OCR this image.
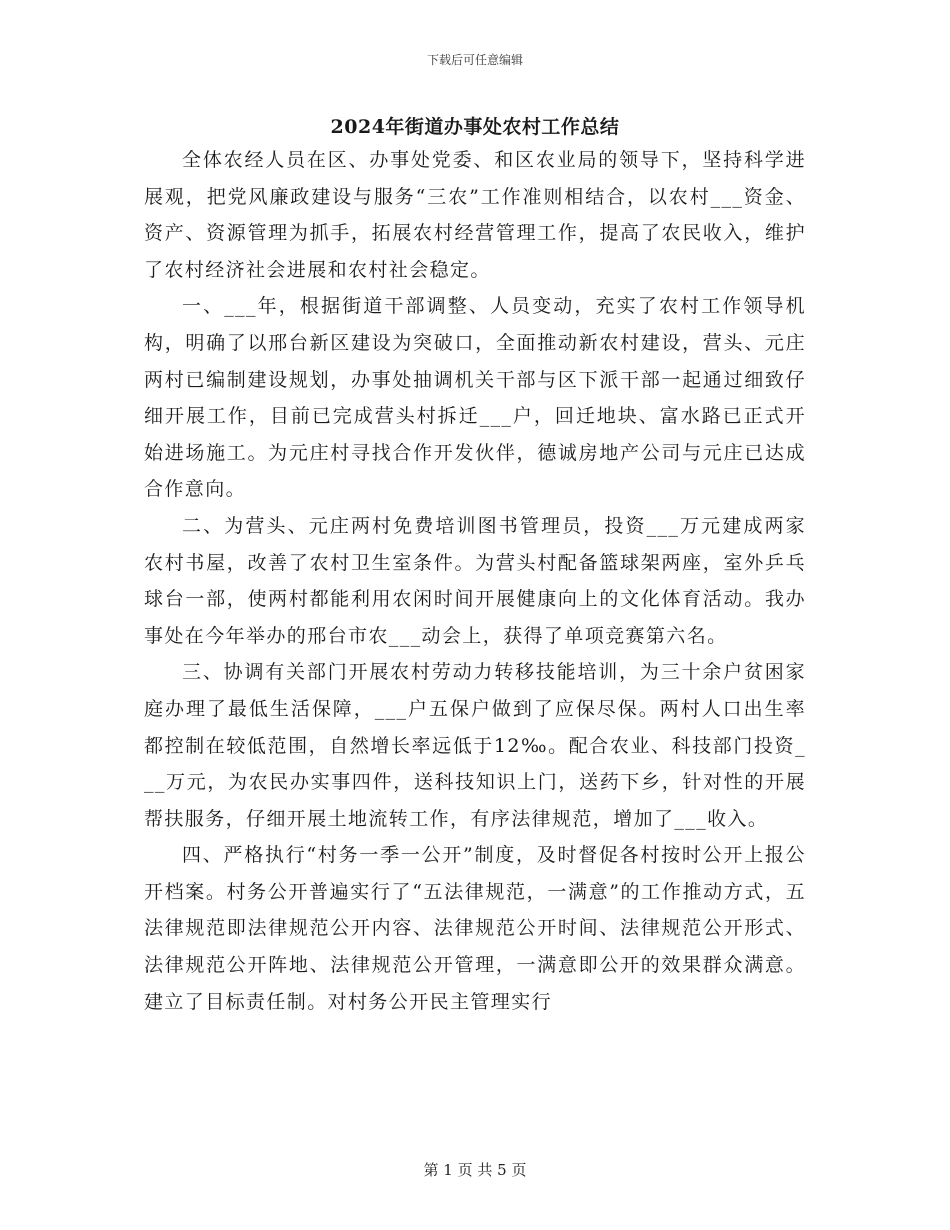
下载后可任意编辑
2024年街道办事处农村工作总结

全体农经人员在区、办事处党委、和区农业局的领导下，坚持科学进展观，把党风廉政建设与服务“三农”工作准则相结合，以农村___资金、资产、资源管理为抓手，拓展农村经营管理工作，提高了农民收入，维护了农村经济社会进展和农村社会稳定。

一、___年，根据街道干部调整、人员变动，充实了农村工作领导机构，明确了以邢台新区建设为突破口，全面推动新农村建设，营头、元庄两村已编制建设规划，办事处抽调机关干部与区下派干部一起通过细致仔细开展工作，目前已完成营头村拆迁___户，回迁地块、富水路已正式开始进场施工。为元庄村寻找合作开发伙伴，德诚房地产公司与元庄已达成合作意向。

二、为营头、元庄两村免费培训图书管理员，投资___万元建成两家农村书屋，改善了农村卫生室条件。为营头村配备篮球架两座，室外乒乓球台一部，使两村都能利用农闲时间开展健康向上的文化体育活动。我办事处在今年举办的邢台市农___动会上，获得了单项竞赛第六名。

三、协调有关部门开展农村劳动力转移技能培训，为三十余户贫困家庭办理了最低生活保障，___户五保户做到了应保尽保。两村人口出生率都控制在较低范围，自然增长率远低于12‰。配合农业、科技部门投资___万元，为农民办实事四件，送科技知识上门，送药下乡，针对性的开展帮扶服务，仔细开展土地流转工作，有序法律规范，增加了___收入。

四、严格执行“村务一季一公开”制度，及时督促各村按时公开上报公开档案。村务公开普遍实行了“五法律规范，一满意”的工作推动方式，五法律规范即法律规范公开内容、法律规范公开时间、法律规范公开形式、法律规范公开阵地、法律规范公开管理，一满意即公开的效果群众满意。建立了目标责任制。对村务公开民主管理实行

第 1 页 共 5 页
